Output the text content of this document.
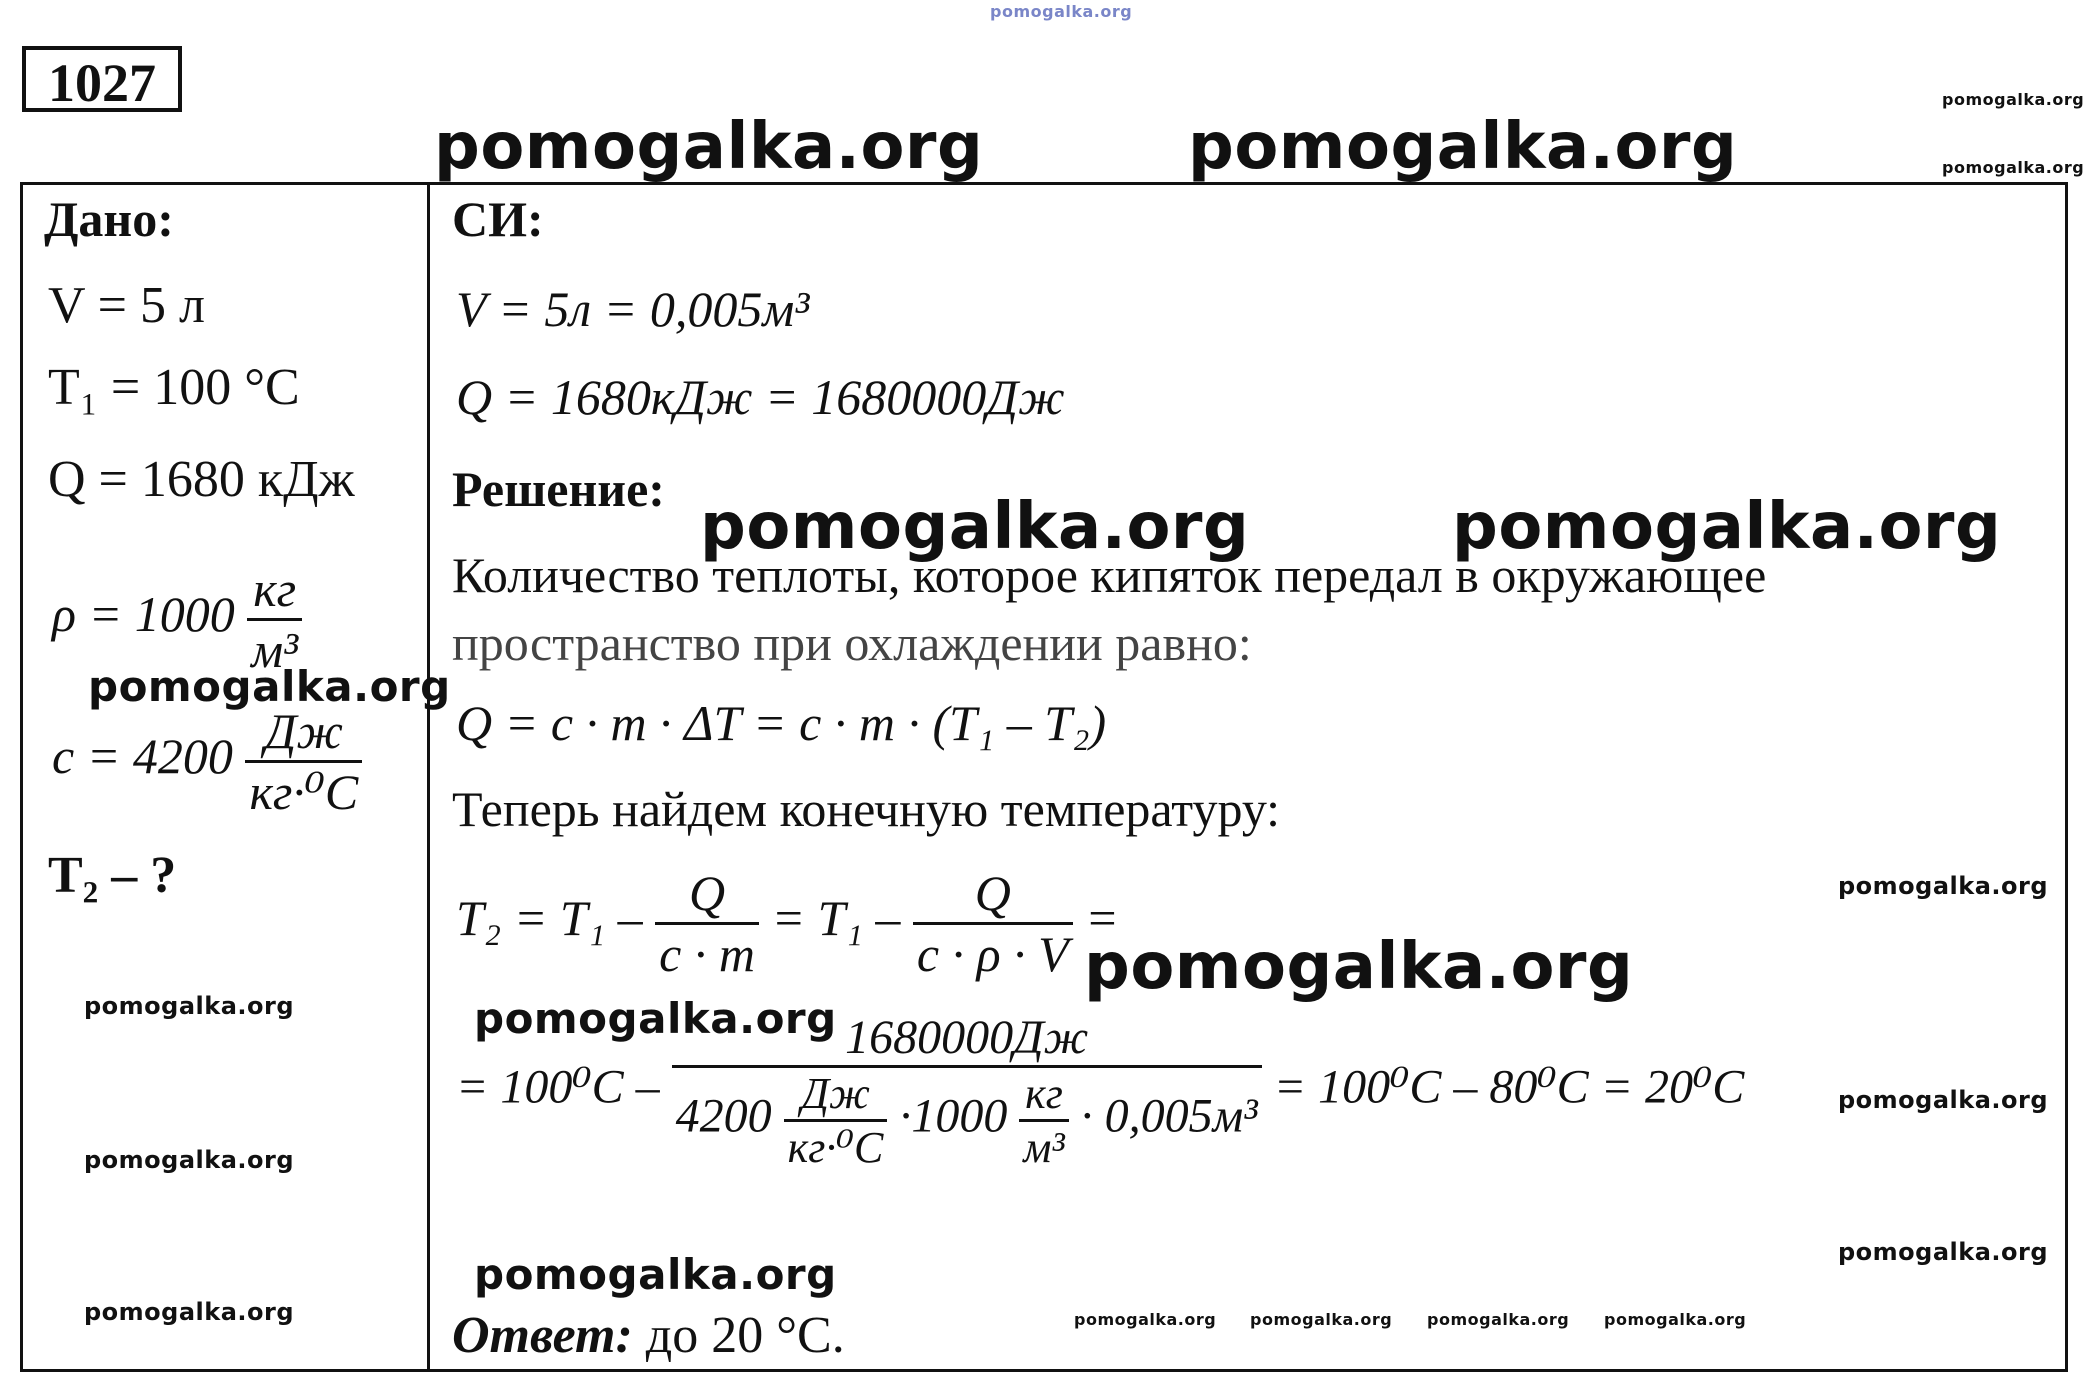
pomogalka.org
1027	pomogalka.org
pomogalka.org
pomogalka.org	pomogalka.org
Дано:
V = 5 л
T₁ = 100 °С
Q = 1680 кДж
$\rho = 1000 \frac{кг}{\text{м³}}$
pomogalka.org
$c = 4200 \frac{Дж}{\text{кг·⁰С}}$
T₂ – ?
pomogalka.org
pomogalka.org
pomogalka.org
СИ:
V = 5л = 0,005м³
Q = 1680кДж = 1680000Дж
Решение:
pomogalka.org	pomogalka.org
Количество теплоты, которое кипяток передал в окружающее
пространство при охлаждении равно:
Q = c · m · ΔT = c · m · (T₁ – T₂)
Теперь найдем конечную температуру:
pomogalka.org
$T_2 = T_1 - \frac{Q}{c \cdot m} = T_1 - \frac{Q}{c \cdot \rho \cdot V}$ =
pomogalka.org
pomogalka.org
= $100^0C - \frac{1680000Дж}{4200 \frac{Дж}{\text{кг·⁰С}} \cdot 1000 \frac{кг}{\text{м³}} \cdot 0,005м^3} = 100^0C - 80^0C = 20^0C$	pomogalka.org
pomogalka.org
pomogalka.org
Ответ: до 20 °С.	pomogalka.org pomogalka.org pomogalka.org pomogalka.org
